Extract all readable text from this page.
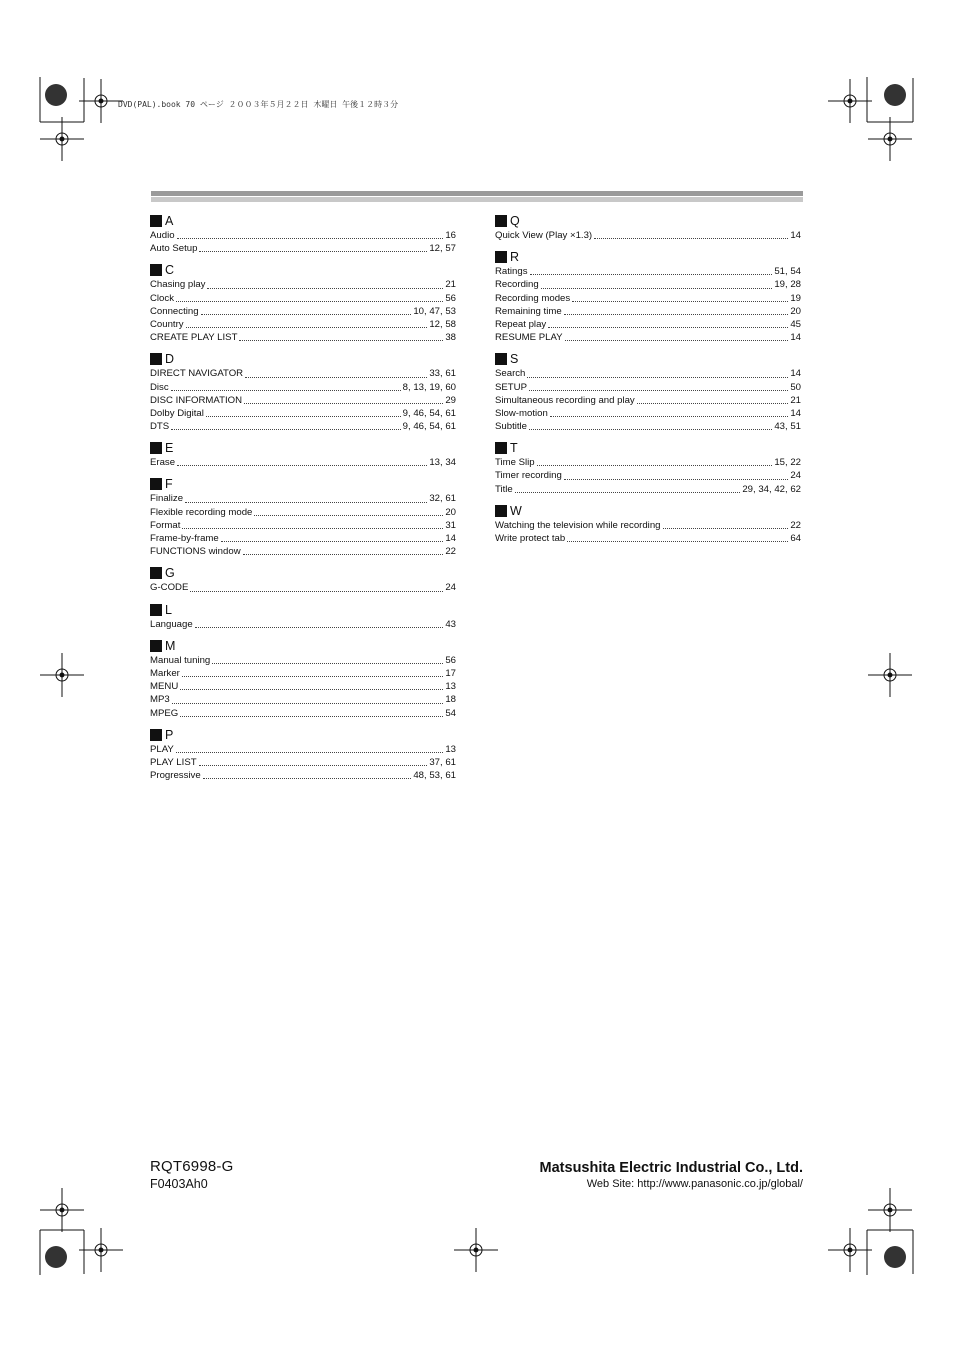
DVD(PAL).book 70 ページ ２００３年５月２２日 木曜日 午後１２時３分
A
Audio	16
Auto Setup	12, 57
C
Chasing play	21
Clock	56
Connecting	10, 47, 53
Country	12, 58
CREATE PLAY LIST	38
D
DIRECT NAVIGATOR	33, 61
Disc	8, 13, 19, 60
DISC INFORMATION	29
Dolby Digital	9, 46, 54, 61
DTS	9, 46, 54, 61
E
Erase	13, 34
F
Finalize	32, 61
Flexible recording mode	20
Format	31
Frame-by-frame	14
FUNCTIONS window	22
G
G-CODE	24
L
Language	43
M
Manual tuning	56
Marker	17
MENU	13
MP3	18
MPEG	54
P
PLAY	13
PLAY LIST	37, 61
Progressive	48, 53, 61
Q
Quick View (Play ×1.3)	14
R
Ratings	51, 54
Recording	19, 28
Recording modes	19
Remaining time	20
Repeat play	45
RESUME PLAY	14
S
Search	14
SETUP	50
Simultaneous recording and play	21
Slow-motion	14
Subtitle	43, 51
T
Time Slip	15, 22
Timer recording	24
Title	29, 34, 42, 62
W
Watching the television while recording	22
Write protect tab	64
RQT6998-G
F0403Ah0
Matsushita Electric Industrial Co., Ltd.
Web Site: http://www.panasonic.co.jp/global/
